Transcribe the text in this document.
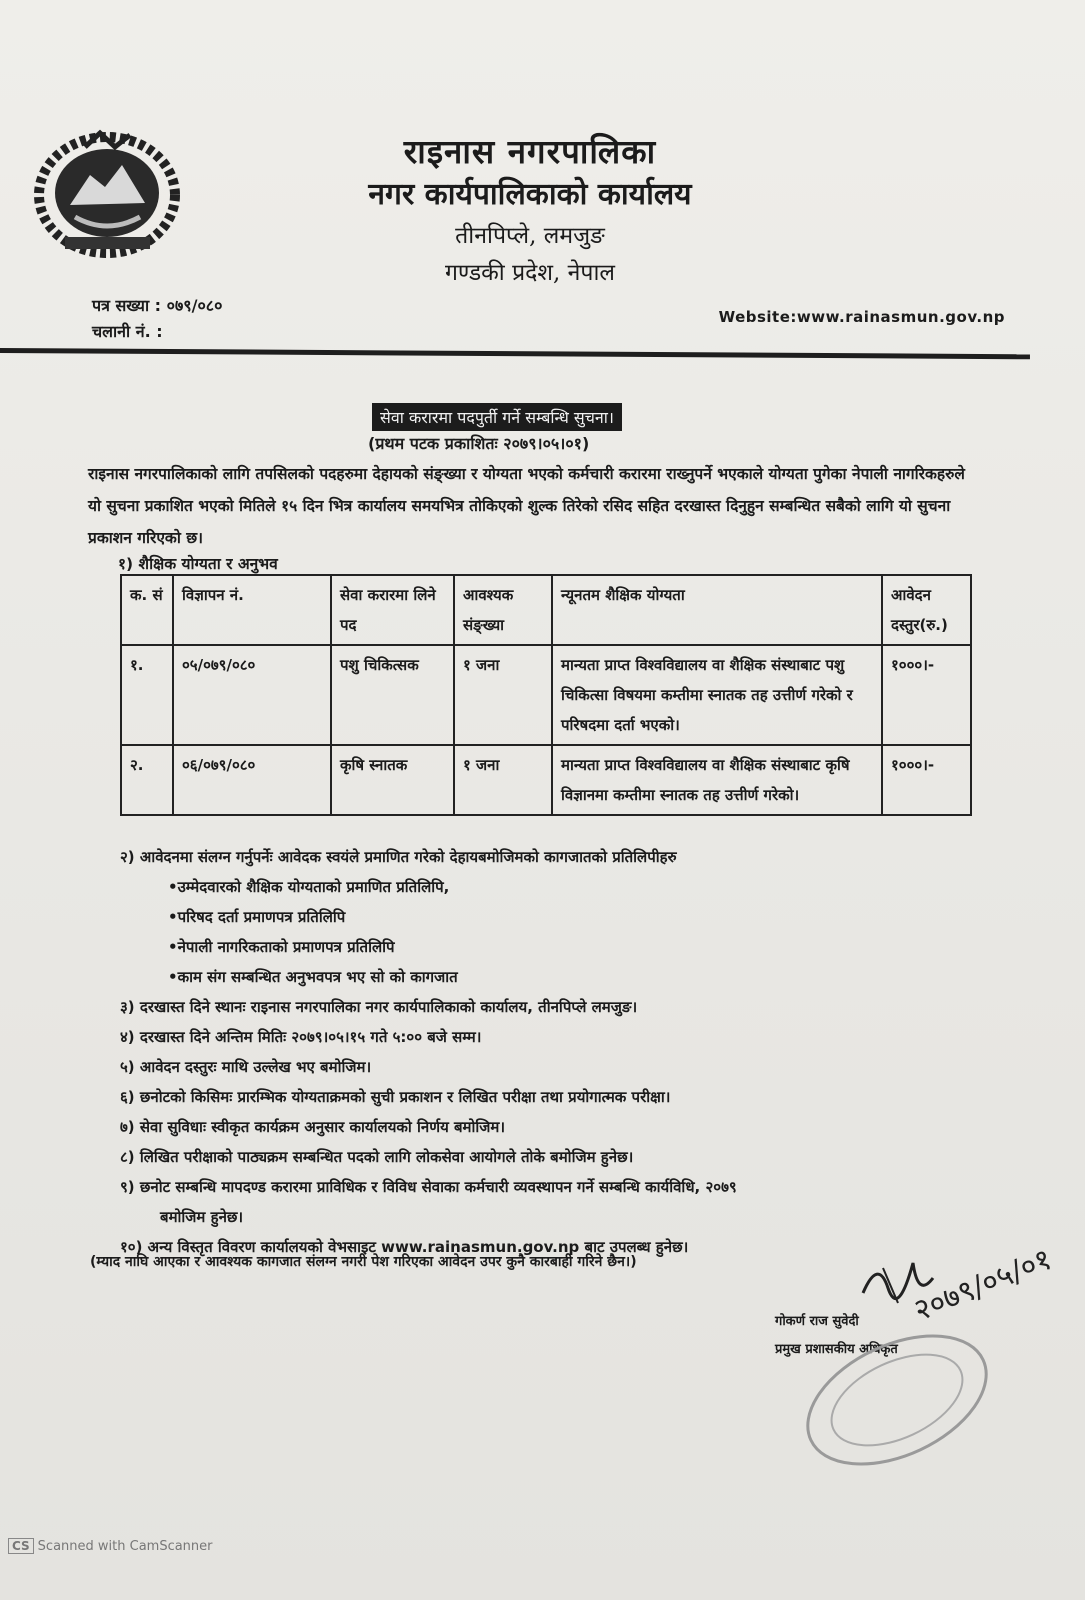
राइनास नगरपालिका
नगर कार्यपालिकाको कार्यालय
तीनपिप्ले, लमजुङ
गण्डकी प्रदेश, नेपाल
पत्र सख्या : ०७९/०८०
चलानी नं. :
Website:www.rainasmun.gov.np
सेवा करारमा पदपुर्ती गर्ने सम्बन्धि सुचना।
(प्रथम पटक प्रकाशितः २०७९।०५।०१)
राइनास नगरपालिकाको लागि तपसिलको पदहरुमा देहायको संङ्ख्या र योग्यता भएको कर्मचारी करारमा राख्नुपर्ने भएकाले योग्यता पुगेका नेपाली नागरिकहरुले यो सुचना प्रकाशित भएको मितिले १५ दिन भित्र कार्यालय समयभित्र तोकिएको शुल्क तिरेको रसिद सहित दरखास्त दिनुहुन सम्बन्धित सबैको लागि यो सुचना प्रकाशन गरिएको छ।
१) शैक्षिक योग्यता र अनुभव
क. सं	विज्ञापन नं.	सेवा करारमा लिने पद	आवश्यक संङ्ख्या	न्यूनतम शैक्षिक योग्यता	आवेदन दस्तुर(रु.)
१.	०५/०७९/०८०	पशु चिकित्सक	१ जना	मान्यता प्राप्त विश्वविद्यालय वा शैक्षिक संस्थाबाट पशु चिकित्सा विषयमा कम्तीमा स्नातक तह उत्तीर्ण गरेको र परिषदमा दर्ता भएको।	१०००।-
२.	०६/०७९/०८०	कृषि स्नातक	१ जना	मान्यता प्राप्त विश्वविद्यालय वा शैक्षिक संस्थाबाट कृषि विज्ञानमा कम्तीमा स्नातक तह उत्तीर्ण गरेको।	१०००।-
२) आवेदनमा संलग्न गर्नुपर्नेः आवेदक स्वयंले प्रमाणित गरेको देहायबमोजिमको कागजातको प्रतिलिपीहरु
•उम्मेदवारको शैक्षिक योग्यताको प्रमाणित प्रतिलिपि,
•परिषद दर्ता प्रमाणपत्र प्रतिलिपि
•नेपाली नागरिकताको प्रमाणपत्र प्रतिलिपि
•काम संग सम्बन्धित अनुभवपत्र भए सो को कागजात
३) दरखास्त दिने स्थानः राइनास नगरपालिका नगर कार्यपालिकाको कार्यालय, तीनपिप्ले लमजुङ।
४) दरखास्त दिने अन्तिम मितिः २०७९।०५।१५ गते ५:०० बजे सम्म।
५) आवेदन दस्तुरः माथि उल्लेख भए बमोजिम।
६) छनोटको किसिमः प्रारम्भिक योग्यताक्रमको सुची प्रकाशन र लिखित परीक्षा तथा प्रयोगात्मक परीक्षा।
७) सेवा सुविधाः स्वीकृत कार्यक्रम अनुसार कार्यालयको निर्णय बमोजिम।
८) लिखित परीक्षाको पाठ्यक्रम सम्बन्धित पदको लागि लोकसेवा आयोगले तोके बमोजिम हुनेछ।
९) छनोट सम्बन्धि मापदण्ड करारमा प्राविधिक र विविध सेवाका कर्मचारी व्यवस्थापन गर्ने सम्बन्धि कार्यविधि, २०७९
बमोजिम हुनेछ।
१०) अन्य विस्तृत विवरण कार्यालयको वेभसाइट www.rainasmun.gov.np बाट उपलब्ध हुनेछ।
(म्याद नाघि आएका र आवश्यक कागजात संलग्न नगरी पेश गरिएका आवेदन उपर कुनै कारबाही गरिने छैन।)	२०७९/०५/०१
गोकर्ण राज सुवेदी
प्रमुख प्रशासकीय अधिकृत
CS Scanned with CamScanner
